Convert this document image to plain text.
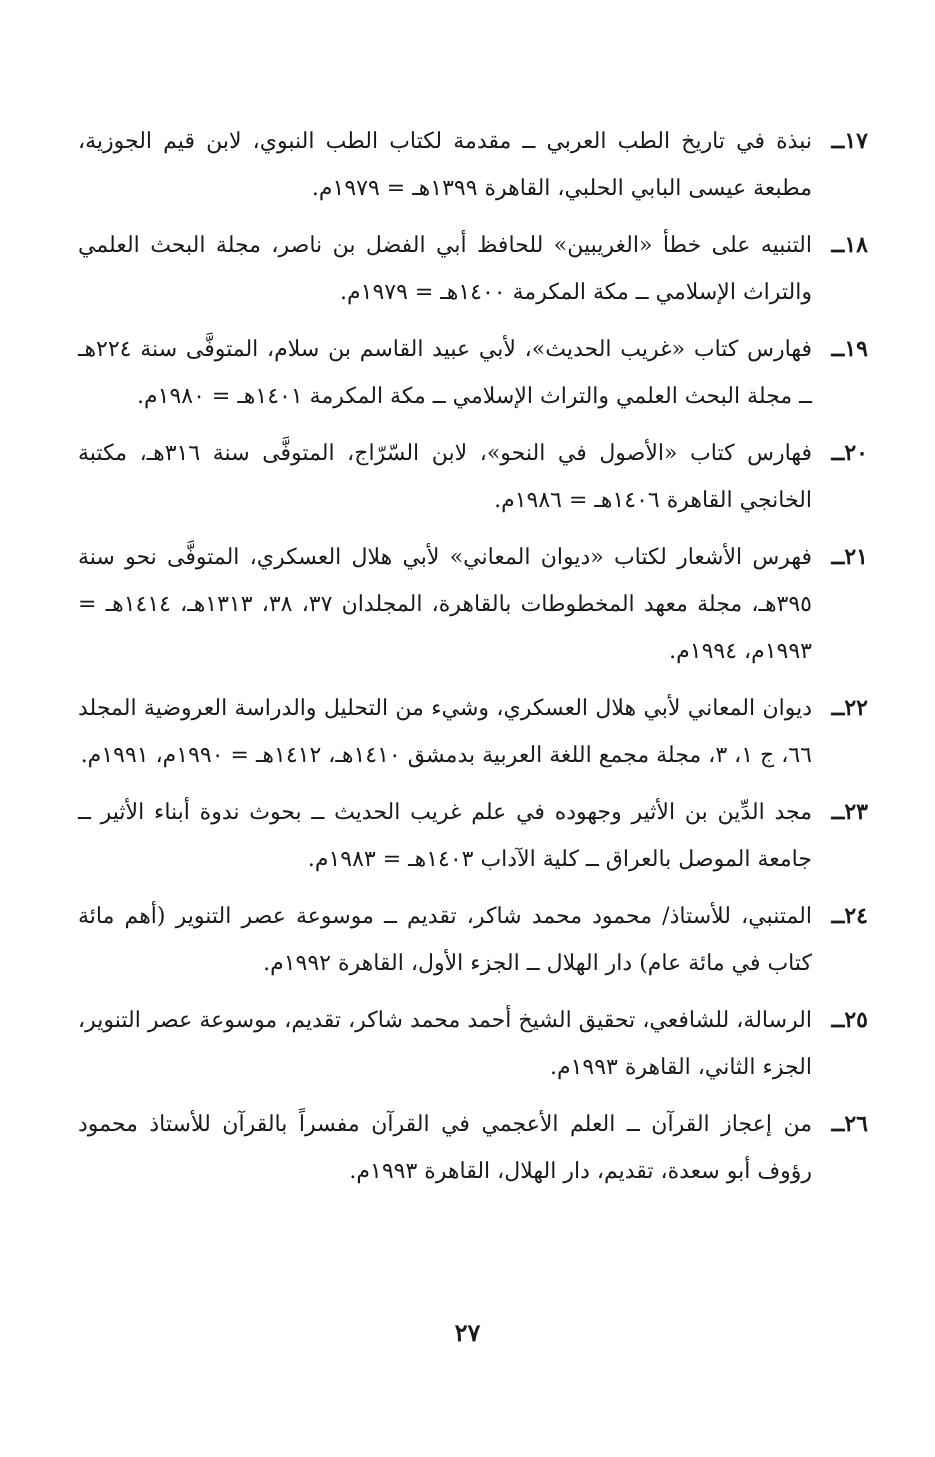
١٧ــ
نبذة في تاريخ الطب العربي ــ مقدمة لكتاب الطب النبوي، لابن قيم الجوزية، مطبعة عيسى البابي الحلبي، القاهرة ١٣٩٩هـ = ١٩٧٩م.
١٨ــ
التنبيه على خطأ «الغريبين» للحافظ أبي الفضل بن ناصر، مجلة البحث العلمي والتراث الإسلامي ــ مكة المكرمة ١٤٠٠هـ = ١٩٧٩م.
١٩ــ
فهارس كتاب «غريب الحديث»، لأبي عبيد القاسم بن سلام، المتوفَّى سنة ٢٢٤هـ ــ مجلة البحث العلمي والتراث الإسلامي ــ مكة المكرمة ١٤٠١هـ = ١٩٨٠م.
٢٠ــ
فهارس كتاب «الأصول في النحو»، لابن السّرّاج، المتوفَّى سنة ٣١٦هـ، مكتبة الخانجي القاهرة ١٤٠٦هـ = ١٩٨٦م.
٢١ــ
فهرس الأشعار لكتاب «ديوان المعاني» لأبي هلال العسكري، المتوفَّى نحو سنة ٣٩٥هـ، مجلة معهد المخطوطات بالقاهرة، المجلدان ٣٧، ٣٨، ١٣١٣هـ، ١٤١٤هـ = ١٩٩٣م، ١٩٩٤م.
٢٢ــ
ديوان المعاني لأبي هلال العسكري، وشيء من التحليل والدراسة العروضية المجلد ٦٦، ج ١، ٣، مجلة مجمع اللغة العربية بدمشق ١٤١٠هـ، ١٤١٢هـ = ١٩٩٠م، ١٩٩١م.
٢٣ــ
مجد الدِّين بن الأثير وجهوده في علم غريب الحديث ــ بحوث ندوة أبناء الأثير ــ جامعة الموصل بالعراق ــ كلية الآداب ١٤٠٣هـ = ١٩٨٣م.
٢٤ــ
المتنبي، للأستاذ/ محمود محمد شاكر، تقديم ــ موسوعة عصر التنوير (أهم مائة كتاب في مائة عام) دار الهلال ــ الجزء الأول، القاهرة ١٩٩٢م.
٢٥ــ
الرسالة، للشافعي، تحقيق الشيخ أحمد محمد شاكر، تقديم، موسوعة عصر التنوير، الجزء الثاني، القاهرة ١٩٩٣م.
٢٦ــ
من إعجاز القرآن ــ العلم الأعجمي في القرآن مفسراً بالقرآن للأستاذ محمود رؤوف أبو سعدة، تقديم، دار الهلال، القاهرة ١٩٩٣م.
٢٧
